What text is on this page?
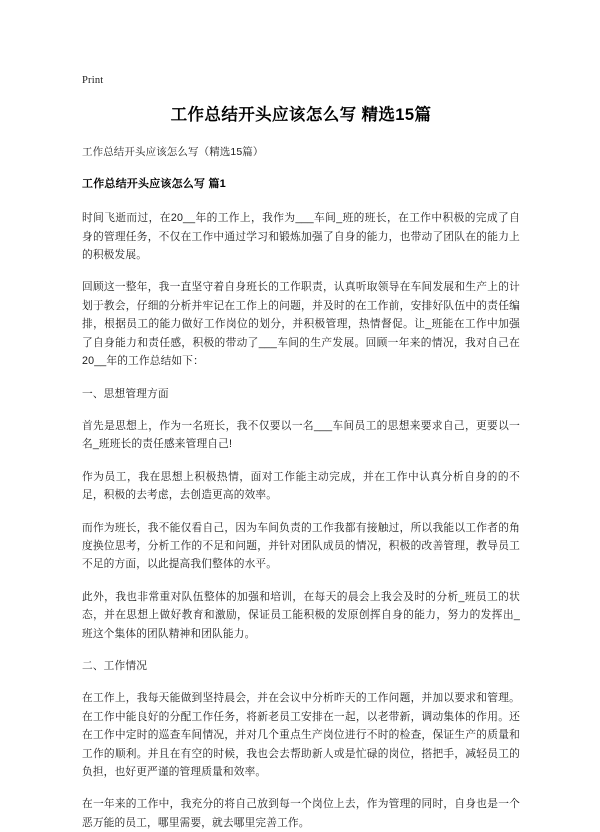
Print
工作总结开头应该怎么写 精选15篇

工作总结开头应该怎么写（精选15篇）

工作总结开头应该怎么写 篇1

时间飞逝而过，在20__年的工作上，我作为___车间_班的班长，在工作中积极的完成了自身的管理任务，不仅在工作中通过学习和锻炼加强了自身的能力，也带动了团队在的能力上的积极发展。

回顾这一整年，我一直坚守着自身班长的工作职责，认真听取领导在车间发展和生产上的计划于教会，仔细的分析并牢记在工作上的问题，并及时的在工作前，安排好队伍中的责任编排，根据员工的能力做好工作岗位的划分，并积极管理，热情督促。让_班能在工作中加强了自身能力和责任感，积极的带动了___车间的生产发展。回顾一年来的情况，我对自己在20__年的工作总结如下：

一、思想管理方面

首先是思想上，作为一名班长，我不仅要以一名___车间员工的思想来要求自己，更要以一名_班班长的责任感来管理自己!

作为员工，我在思想上积极热情，面对工作能主动完成，并在工作中认真分析自身的的不足，积极的去考虑，去创造更高的效率。

而作为班长，我不能仅看自己，因为车间负责的工作我都有接触过，所以我能以工作者的角度换位思考，分析工作的不足和问题，并针对团队成员的情况，积极的改善管理，教导员工不足的方面，以此提高我们整体的水平。

此外，我也非常重对队伍整体的加强和培训，在每天的晨会上我会及时的分析_班员工的状态，并在思想上做好教育和激励，保证员工能积极的发原创挥自身的能力，努力的发挥出_班这个集体的团队精神和团队能力。

二、工作情况

在工作上，我每天能做到坚持晨会，并在会议中分析昨天的工作问题，并加以要求和管理。在工作中能良好的分配工作任务，将新老员工安排在一起，以老带新，调动集体的作用。还在工作中定时的巡查车间情况，并对几个重点生产岗位进行不时的检查，保证生产的质量和工作的顺利。并且在有空的时候，我也会去帮助新人或是忙碌的岗位，搭把手，减轻员工的负担，也好更严谨的管理质量和效率。

在一年来的工作中，我充分的将自己放到每一个岗位上去，作为管理的同时，自身也是一个恶万能的员工，哪里需要，就去哪里完善工作。
